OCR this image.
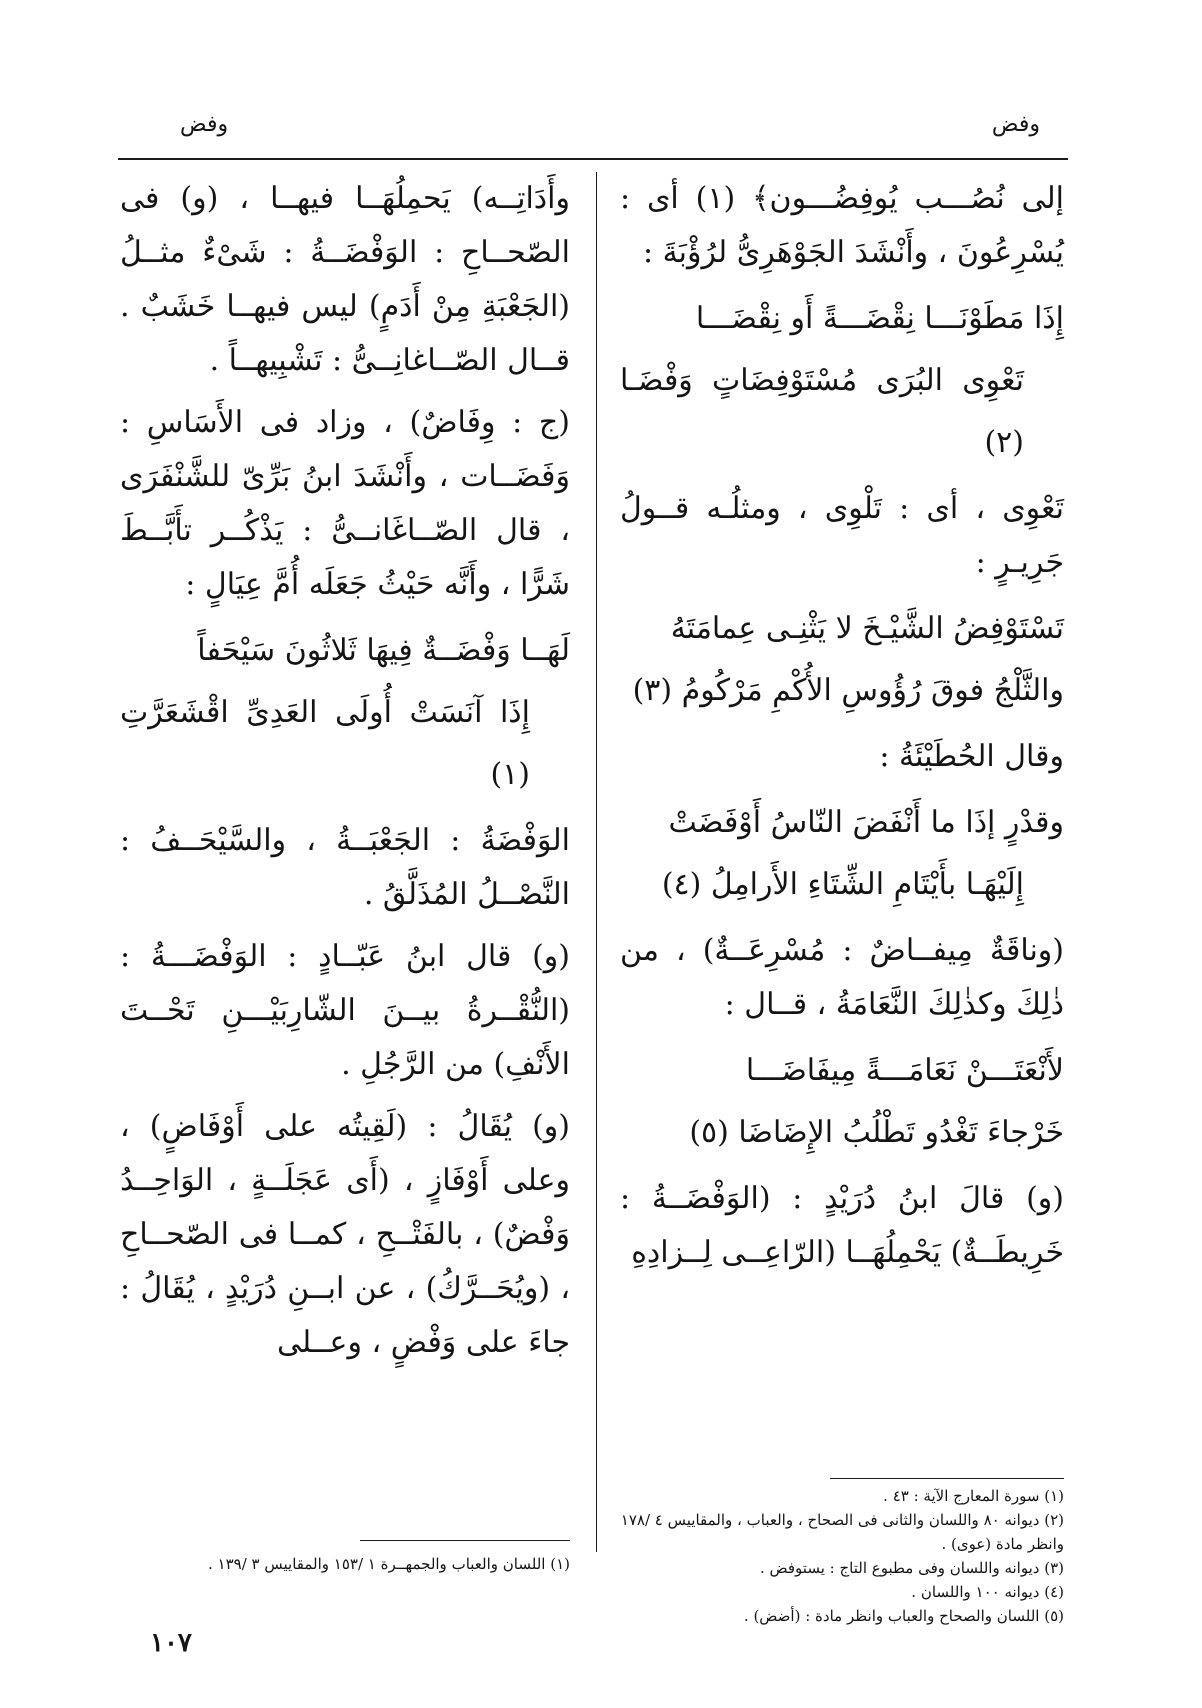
وفض
وفض

إلى نُصُـــب يُوفِضُـــون﴾ (١) أى : يُسْرِعُونَ ، وأَنْشَدَ الجَوْهَرِىُّ لرُؤْبَةَ :

إِذَا مَطَوْنَـــا نِقْضَـــةً أَو نِقْضَـــا
تَعْوِى البُرَى مُسْتَوْفِضَاتٍ وَفْضَـا (٢)

تَعْوِى ، أى : تَلْوِى ، ومثلُـه قــولُ جَرِيـرٍ :

تَسْتَوْفِضُ الشَّيْـخَ لا يَثْنِـى عِمامَتَهُ
والثَّلْجُ فوقَ رُؤُوسِ الأُكْمِ مَرْكُومُ (٣)

وقال الحُطَيْئَةُ :

وقدْرٍ إذَا ما أَنْفَضَ النّاسُ أَوْفَضَتْ
إِلَيْهَـا بأَيْتَامِ الشِّتَاءِ الأَرامِلُ (٤)

(وناقَةٌ مِيفــاضٌ : مُسْرِعَــةٌ) ، من ذٰلِكَ وكذٰلِكَ النَّعَامَةُ ، قــال :

لأَنْعَتَـــنْ نَعَامَـــةً مِيفَاضَـــا
خَرْجاءَ تَغْدُو تَطْلُبُ الإِضَاضَا (٥)

(و) قالَ ابنُ دُرَيْدٍ : (الوَفْضَــةُ : خَرِيطَــةٌ) يَحْمِلُهَــا (الرّاعِــى لِــزادِهِ

(١) سورة المعارج الآية : ٤٣ .

(٢) ديوانه ٨٠ واللسان والثانى فى الصحاح ، والعباب ، والمقاييس ٤ /١٧٨ وانظر مادة (عوى) .

(٣) ديوانه واللسان وفى مطبوع التاج : يستوفض .

(٤) ديوانه ١٠٠ واللسان .

(٥) اللسان والصحاح والعباب وانظر مادة : (أضض) .

وأَدَاتِــه) يَحمِلُهَــا فيهــا ، (و) فى الصّحــاحِ : الوَفْضَــةُ : شَىْءٌ مثــلُ (الجَعْبَةِ مِنْ أَدَمٍ) ليس فيهــا خَشَبٌ . قــال الصّــاغانِــىُّ : تَشْبِيهــاً .

(ج : وِفَاضٌ) ، وزاد فى الأَسَاسِ : وَفَضَــات ، وأَنْشَدَ ابنُ بَرِّىّ للشَّنْفَرَى ، قال الصّــاغَانــىُّ : يَذْكُــر تأَبَّــطَ شَرًّا ، وأَنَّه حَيْثُ جَعَلَه أُمَّ عِيَالٍ :

لَهَــا وَفْضَــةٌ فِيهَا ثَلاثُونَ سَيْحَفاً
إِذَا آنَسَتْ أُولَى العَدِىِّ اقْشَعَرَّتِ (١)

الوَفْضَةُ : الجَعْبَــةُ ، والسَّيْحَــفُ : النَّصْــلُ المُذَلَّقُ .

(و) قال ابنُ عَبّــادٍ : الوَفْضَـــةُ : (النُّقْــرةُ بيــنَ الشّارِبَيْـــنِ تَحْــتَ الأَنْفِ) من الرَّجُلِ .

(و) يُقَالُ : (لَقِيتُه على أَوْفَاضٍ) ، وعلى أَوْفَازٍ ، (أَى عَجَلَــةٍ ، الوَاحِــدُ وَفْضٌ) ، بالفَتْــحِ ، كمــا فى الصّحــاحِ ، (ويُحَــرَّكُ) ، عن ابــنِ دُرَيْدٍ ، يُقَالُ : جاءَ على وَفْضٍ ، وعــلى

(١) اللسان والعباب والجمهــرة ١ /١٥٣ والمقاييس ٣ /١٣٩ .

١٠٧
